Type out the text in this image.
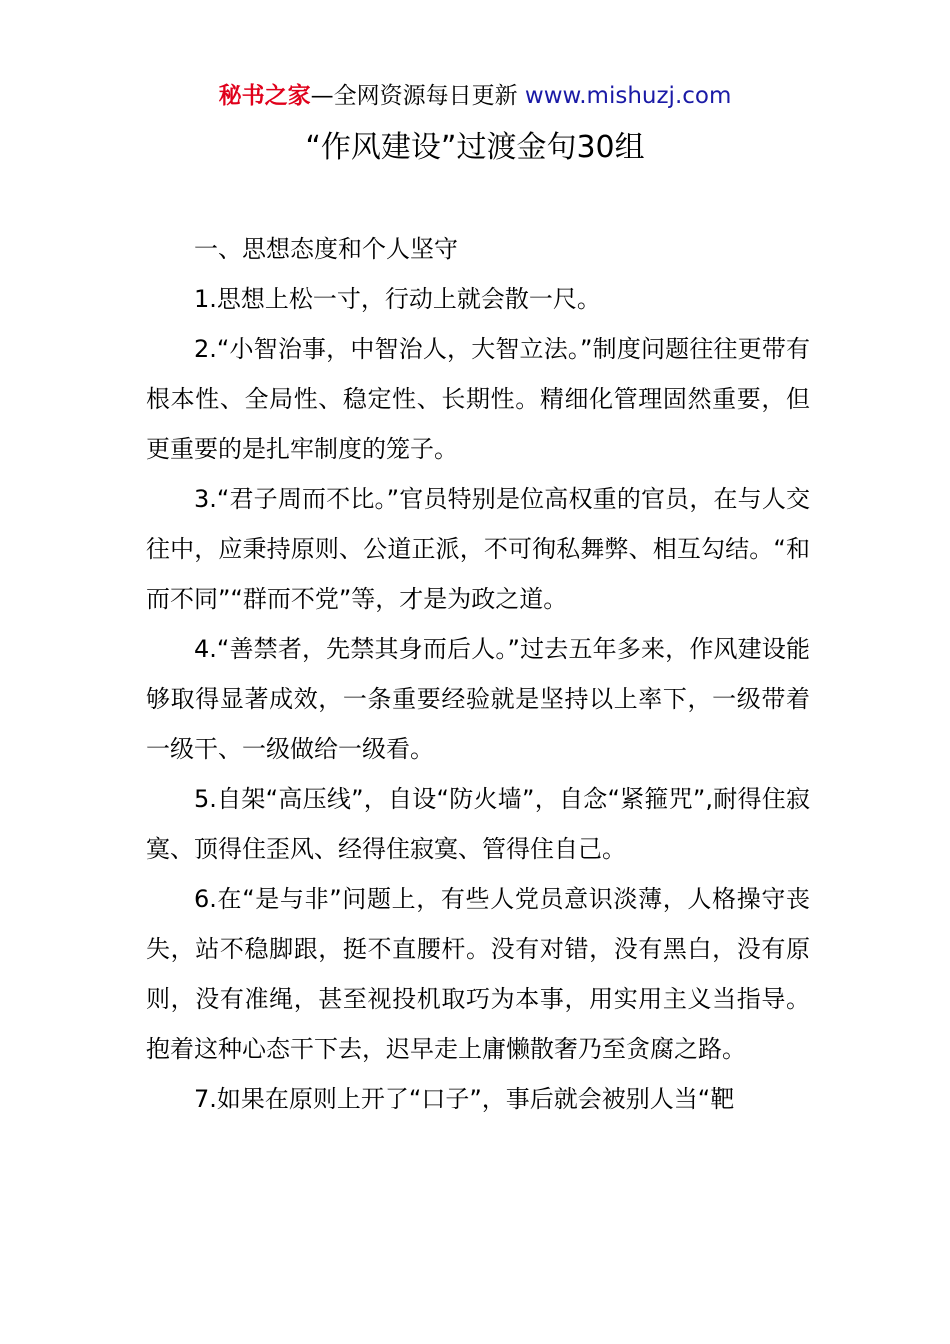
秘书之家—全网资源每日更新 www.mishuzj.com
“作风建设”过渡金句30组

一、思想态度和个人坚守

1.思想上松一寸，行动上就会散一尺。

2.“小智治事，中智治人，大智立法。”制度问题往往更带有根本性、全局性、稳定性、长期性。精细化管理固然重要，但更重要的是扎牢制度的笼子。

3.“君子周而不比。”官员特别是位高权重的官员，在与人交往中，应秉持原则、公道正派，不可徇私舞弊、相互勾结。“和而不同”“群而不党”等，才是为政之道。

4.“善禁者，先禁其身而后人。”过去五年多来，作风建设能够取得显著成效，一条重要经验就是坚持以上率下，一级带着一级干、一级做给一级看。

5.自架“高压线”，自设“防火墙”，自念“紧箍咒”,耐得住寂寞、顶得住歪风、经得住寂寞、管得住自己。

6.在“是与非”问题上，有些人党员意识淡薄，人格操守丧失，站不稳脚跟，挺不直腰杆。没有对错，没有黑白，没有原则，没有准绳，甚至视投机取巧为本事，用实用主义当指导。抱着这种心态干下去，迟早走上庸懒散奢乃至贪腐之路。

7.如果在原则上开了“口子”，事后就会被别人当“靶
